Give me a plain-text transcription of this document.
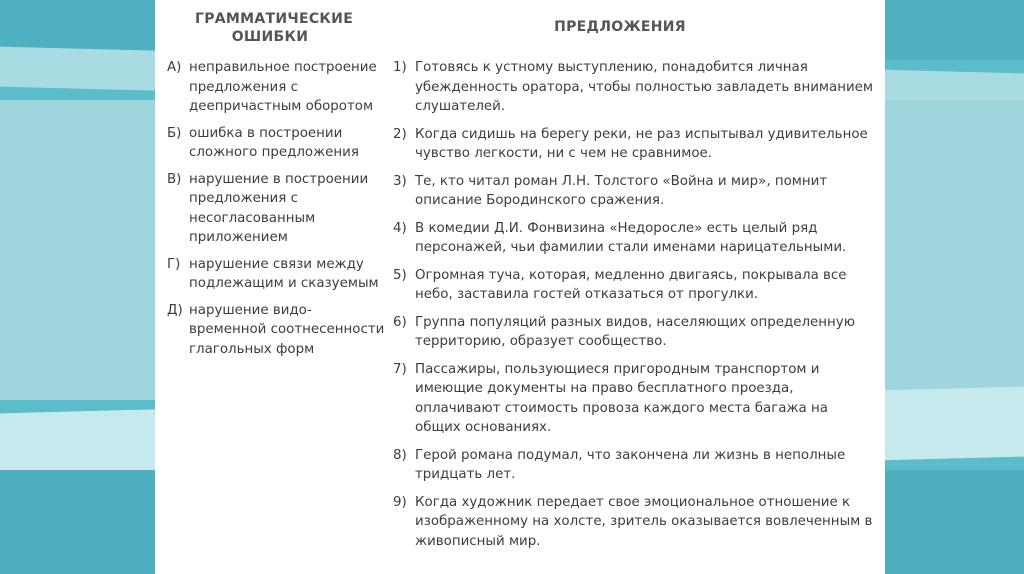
ГРАММАТИЧЕСКИЕ ОШИБКИ
ПРЕДЛОЖЕНИЯ
А) неправильное построение предложения с деепричастным оборотом
Б) ошибка в построении сложного предложения
В) нарушение в построении предложения с несогласованным приложением
Г) нарушение связи между подлежащим и сказуемым
Д) нарушение видо-временной соотнесенности глагольных форм
1) Готовясь к устному выступлению, понадобится личная убежденность оратора, чтобы полностью завладеть вниманием слушателей.
2) Когда сидишь на берегу реки, не раз испытывал удивительное чувство легкости, ни с чем не сравнимое.
3) Те, кто читал роман Л.Н. Толстого «Война и мир», помнит описание Бородинского сражения.
4) В комедии Д.И. Фонвизина «Недоросле» есть целый ряд персонажей, чьи фамилии стали именами нарицательными.
5) Огромная туча, которая, медленно двигаясь, покрывала все небо, заставила гостей отказаться от прогулки.
6) Группа популяций разных видов, населяющих определенную территорию, образует сообщество.
7) Пассажиры, пользующиеся пригородным транспортом и имеющие документы на право бесплатного проезда, оплачивают стоимость провоза каждого места багажа на общих основаниях.
8) Герой романа подумал, что закончена ли жизнь в неполные тридцать лет.
9) Когда художник передает свое эмоциональное отношение к изображенному на холсте, зритель оказывается вовлеченным в живописный мир.
